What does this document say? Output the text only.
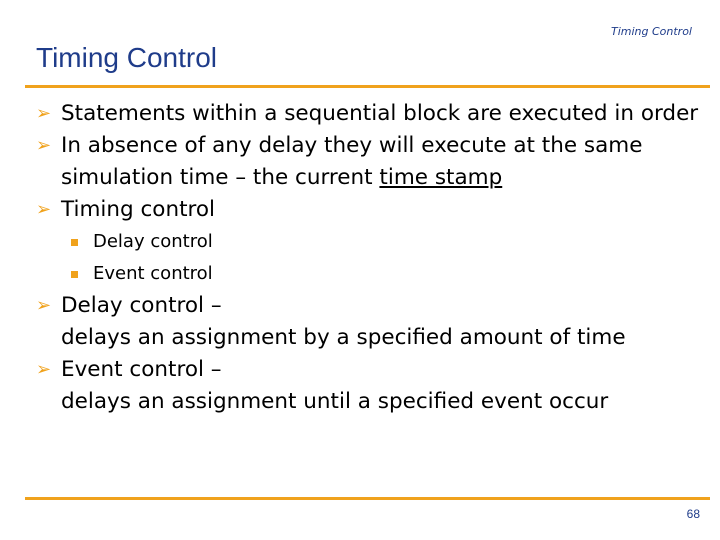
Timing Control
Timing Control
➢ Statements within a sequential block are executed in order
➢ In absence of any delay they will execute at the same simulation time – the current time stamp
➢ Timing control
Delay control
Event control
➢ Delay control –
delays an assignment by a specified amount of time
➢ Event control –
delays an assignment until a specified event occur
68
